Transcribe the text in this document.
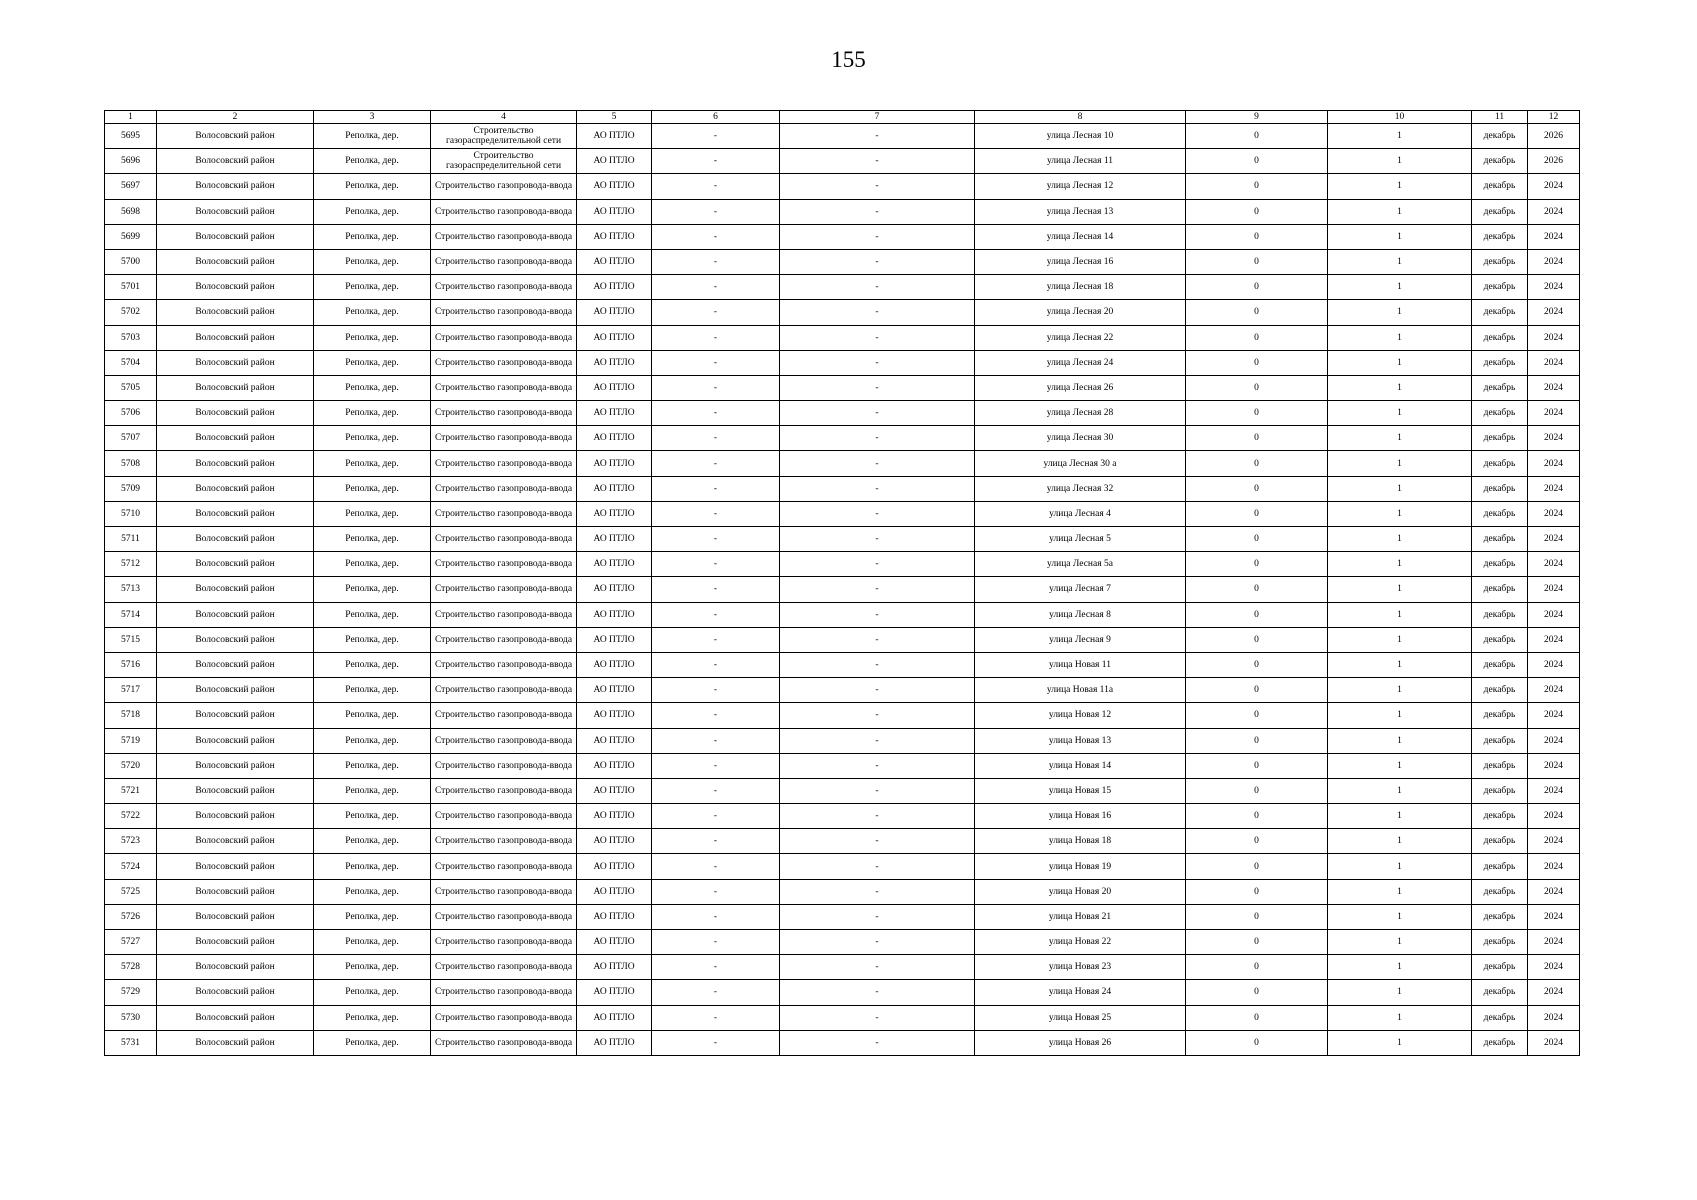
155
1	2	3	4	5	6	7	8	9	10	11	12
5695	Волосовский район	Реполка, дер.	Строительство газораспределительной сети	АО ПТЛО	-	-	улица Лесная 10	0	1	декабрь	2026
5696	Волосовский район	Реполка, дер.	Строительство газораспределительной сети	АО ПТЛО	-	-	улица Лесная 11	0	1	декабрь	2026
5697	Волосовский район	Реполка, дер.	Строительство газопровода-ввода	АО ПТЛО	-	-	улица Лесная 12	0	1	декабрь	2024
5698	Волосовский район	Реполка, дер.	Строительство газопровода-ввода	АО ПТЛО	-	-	улица Лесная 13	0	1	декабрь	2024
5699	Волосовский район	Реполка, дер.	Строительство газопровода-ввода	АО ПТЛО	-	-	улица Лесная 14	0	1	декабрь	2024
5700	Волосовский район	Реполка, дер.	Строительство газопровода-ввода	АО ПТЛО	-	-	улица Лесная 16	0	1	декабрь	2024
5701	Волосовский район	Реполка, дер.	Строительство газопровода-ввода	АО ПТЛО	-	-	улица Лесная 18	0	1	декабрь	2024
5702	Волосовский район	Реполка, дер.	Строительство газопровода-ввода	АО ПТЛО	-	-	улица Лесная 20	0	1	декабрь	2024
5703	Волосовский район	Реполка, дер.	Строительство газопровода-ввода	АО ПТЛО	-	-	улица Лесная 22	0	1	декабрь	2024
5704	Волосовский район	Реполка, дер.	Строительство газопровода-ввода	АО ПТЛО	-	-	улица Лесная 24	0	1	декабрь	2024
5705	Волосовский район	Реполка, дер.	Строительство газопровода-ввода	АО ПТЛО	-	-	улица Лесная 26	0	1	декабрь	2024
5706	Волосовский район	Реполка, дер.	Строительство газопровода-ввода	АО ПТЛО	-	-	улица Лесная 28	0	1	декабрь	2024
5707	Волосовский район	Реполка, дер.	Строительство газопровода-ввода	АО ПТЛО	-	-	улица Лесная 30	0	1	декабрь	2024
5708	Волосовский район	Реполка, дер.	Строительство газопровода-ввода	АО ПТЛО	-	-	улица Лесная 30 а	0	1	декабрь	2024
5709	Волосовский район	Реполка, дер.	Строительство газопровода-ввода	АО ПТЛО	-	-	улица Лесная 32	0	1	декабрь	2024
5710	Волосовский район	Реполка, дер.	Строительство газопровода-ввода	АО ПТЛО	-	-	улица Лесная 4	0	1	декабрь	2024
5711	Волосовский район	Реполка, дер.	Строительство газопровода-ввода	АО ПТЛО	-	-	улица Лесная 5	0	1	декабрь	2024
5712	Волосовский район	Реполка, дер.	Строительство газопровода-ввода	АО ПТЛО	-	-	улица Лесная 5а	0	1	декабрь	2024
5713	Волосовский район	Реполка, дер.	Строительство газопровода-ввода	АО ПТЛО	-	-	улица Лесная 7	0	1	декабрь	2024
5714	Волосовский район	Реполка, дер.	Строительство газопровода-ввода	АО ПТЛО	-	-	улица Лесная 8	0	1	декабрь	2024
5715	Волосовский район	Реполка, дер.	Строительство газопровода-ввода	АО ПТЛО	-	-	улица Лесная 9	0	1	декабрь	2024
5716	Волосовский район	Реполка, дер.	Строительство газопровода-ввода	АО ПТЛО	-	-	улица Новая 11	0	1	декабрь	2024
5717	Волосовский район	Реполка, дер.	Строительство газопровода-ввода	АО ПТЛО	-	-	улица Новая 11а	0	1	декабрь	2024
5718	Волосовский район	Реполка, дер.	Строительство газопровода-ввода	АО ПТЛО	-	-	улица Новая 12	0	1	декабрь	2024
5719	Волосовский район	Реполка, дер.	Строительство газопровода-ввода	АО ПТЛО	-	-	улица Новая 13	0	1	декабрь	2024
5720	Волосовский район	Реполка, дер.	Строительство газопровода-ввода	АО ПТЛО	-	-	улица Новая 14	0	1	декабрь	2024
5721	Волосовский район	Реполка, дер.	Строительство газопровода-ввода	АО ПТЛО	-	-	улица Новая 15	0	1	декабрь	2024
5722	Волосовский район	Реполка, дер.	Строительство газопровода-ввода	АО ПТЛО	-	-	улица Новая 16	0	1	декабрь	2024
5723	Волосовский район	Реполка, дер.	Строительство газопровода-ввода	АО ПТЛО	-	-	улица Новая 18	0	1	декабрь	2024
5724	Волосовский район	Реполка, дер.	Строительство газопровода-ввода	АО ПТЛО	-	-	улица Новая 19	0	1	декабрь	2024
5725	Волосовский район	Реполка, дер.	Строительство газопровода-ввода	АО ПТЛО	-	-	улица Новая 20	0	1	декабрь	2024
5726	Волосовский район	Реполка, дер.	Строительство газопровода-ввода	АО ПТЛО	-	-	улица Новая 21	0	1	декабрь	2024
5727	Волосовский район	Реполка, дер.	Строительство газопровода-ввода	АО ПТЛО	-	-	улица Новая 22	0	1	декабрь	2024
5728	Волосовский район	Реполка, дер.	Строительство газопровода-ввода	АО ПТЛО	-	-	улица Новая 23	0	1	декабрь	2024
5729	Волосовский район	Реполка, дер.	Строительство газопровода-ввода	АО ПТЛО	-	-	улица Новая 24	0	1	декабрь	2024
5730	Волосовский район	Реполка, дер.	Строительство газопровода-ввода	АО ПТЛО	-	-	улица Новая 25	0	1	декабрь	2024
5731	Волосовский район	Реполка, дер.	Строительство газопровода-ввода	АО ПТЛО	-	-	улица Новая 26	0	1	декабрь	2024
